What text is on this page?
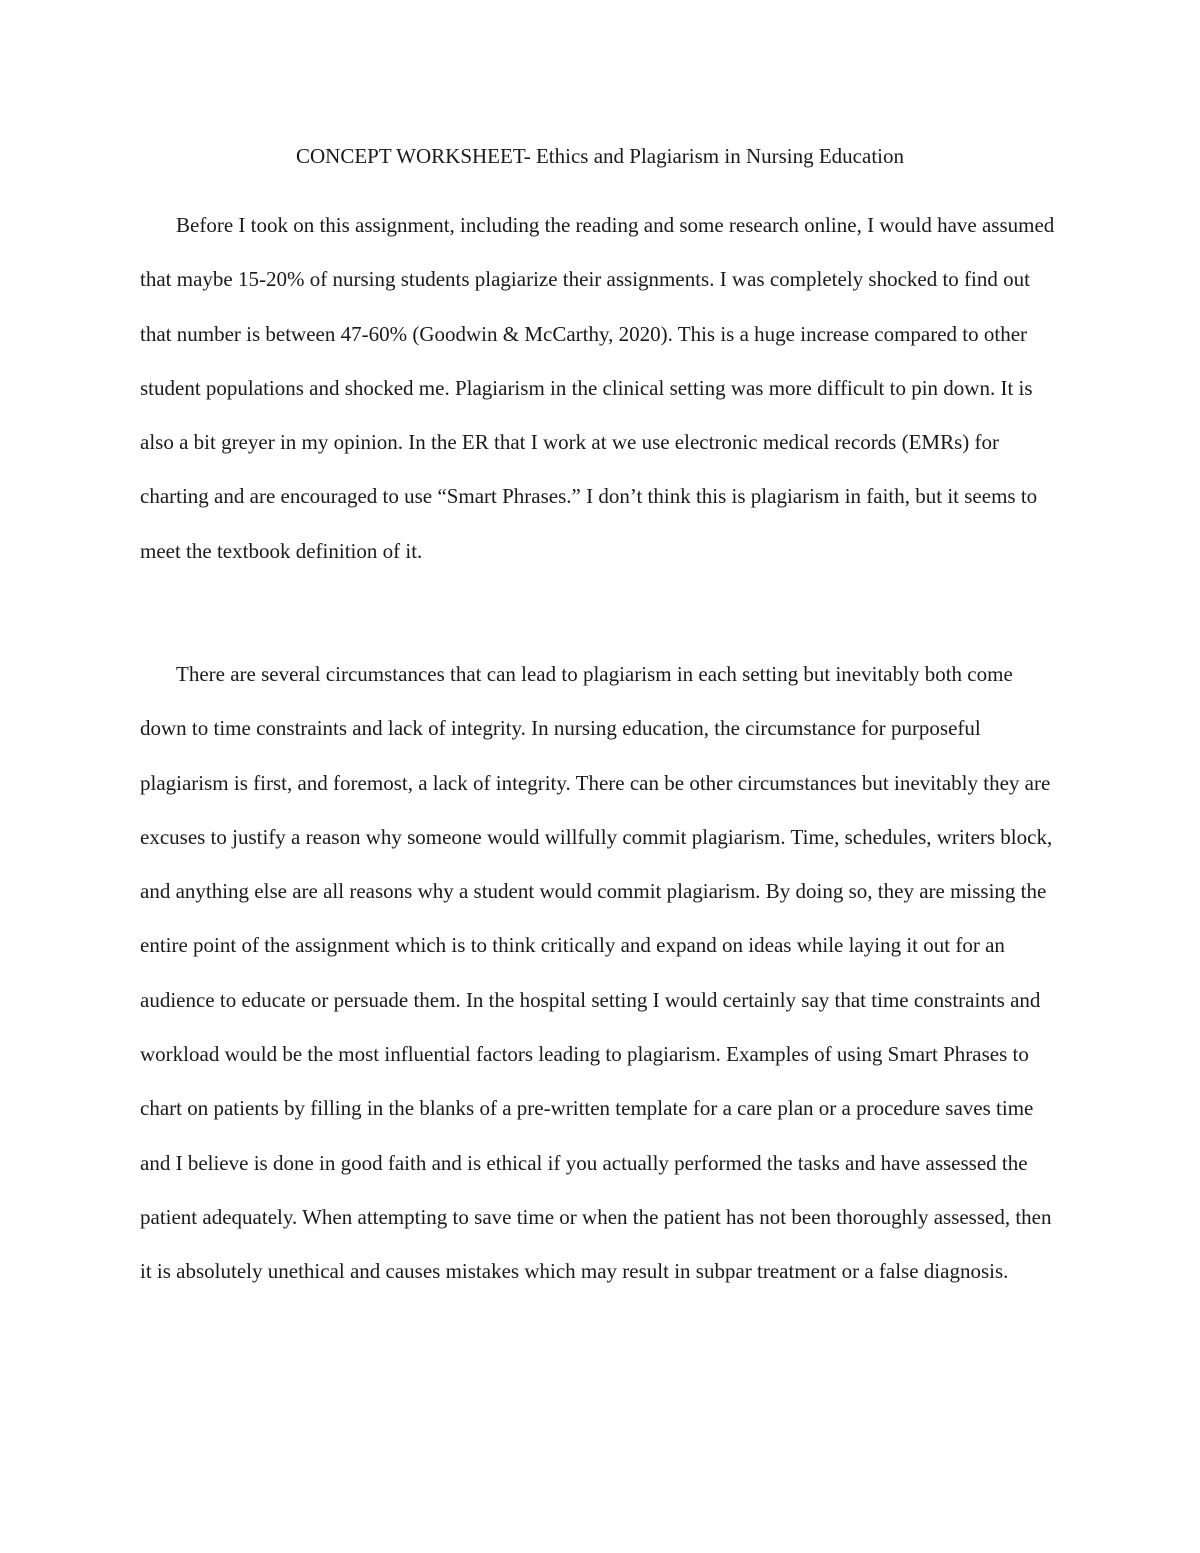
CONCEPT WORKSHEET- Ethics and Plagiarism in Nursing Education

Before I took on this assignment, including the reading and some research online, I would have assumed that maybe 15-20% of nursing students plagiarize their assignments. I was completely shocked to find out that number is between 47-60% (Goodwin & McCarthy, 2020). This is a huge increase compared to other student populations and shocked me. Plagiarism in the clinical setting was more difficult to pin down. It is also a bit greyer in my opinion. In the ER that I work at we use electronic medical records (EMRs) for charting and are encouraged to use “Smart Phrases.” I don’t think this is plagiarism in faith, but it seems to meet the textbook definition of it.

There are several circumstances that can lead to plagiarism in each setting but inevitably both come down to time constraints and lack of integrity. In nursing education, the circumstance for purposeful plagiarism is first, and foremost, a lack of integrity. There can be other circumstances but inevitably they are excuses to justify a reason why someone would willfully commit plagiarism. Time, schedules, writers block, and anything else are all reasons why a student would commit plagiarism. By doing so, they are missing the entire point of the assignment which is to think critically and expand on ideas while laying it out for an audience to educate or persuade them. In the hospital setting I would certainly say that time constraints and workload would be the most influential factors leading to plagiarism. Examples of using Smart Phrases to chart on patients by filling in the blanks of a pre-written template for a care plan or a procedure saves time and I believe is done in good faith and is ethical if you actually performed the tasks and have assessed the patient adequately. When attempting to save time or when the patient has not been thoroughly assessed, then it is absolutely unethical and causes mistakes which may result in subpar treatment or a false diagnosis.
